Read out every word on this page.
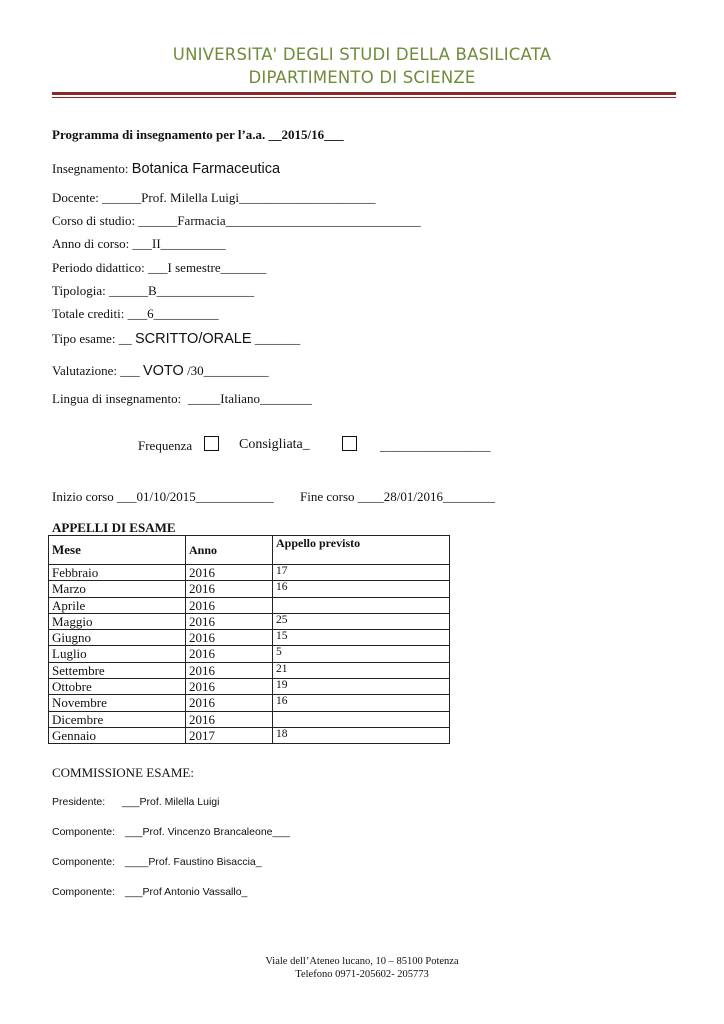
UNIVERSITA' DEGLI STUDI DELLA BASILICATA
DIPARTIMENTO DI SCIENZE
Programma di insegnamento per l’a.a. __2015/16___
Insegnamento: Botanica Farmaceutica
Docente: ______Prof. Milella Luigi_____________________
Corso di studio: ______Farmacia______________________________
Anno di corso: ___II__________
Periodo didattico: ___I semestre_______
Tipologia: ______B_______________
Totale crediti: ___6__________
Tipo esame: __ SCRITTO/ORALE _______
Valutazione: ___ VOTO /30__________
Lingua di insegnamento:  _____Italiano________
Frequenza	Consigliata_	_________________
Inizio corso ___01/10/2015____________ Fine corso ____28/01/2016________
APPELLI DI ESAME
Mese	Anno	Appello previsto
Febbraio	2016	17
Marzo	2016	16
Aprile	2016	
Maggio	2016	25
Giugno	2016	15
Luglio	2016	5
Settembre	2016	21
Ottobre	2016	19
Novembre	2016	16
Dicembre	2016	
Gennaio	2017	18
COMMISSIONE ESAME:
Presidente: ___Prof. Milella Luigi
Componente: ___Prof. Vincenzo Brancaleone___
Componente: ____Prof. Faustino Bisaccia_
Componente: ___Prof Antonio Vassallo_
Viale dell’Ateneo lucano, 10 – 85100 Potenza
Telefono 0971-205602- 205773
